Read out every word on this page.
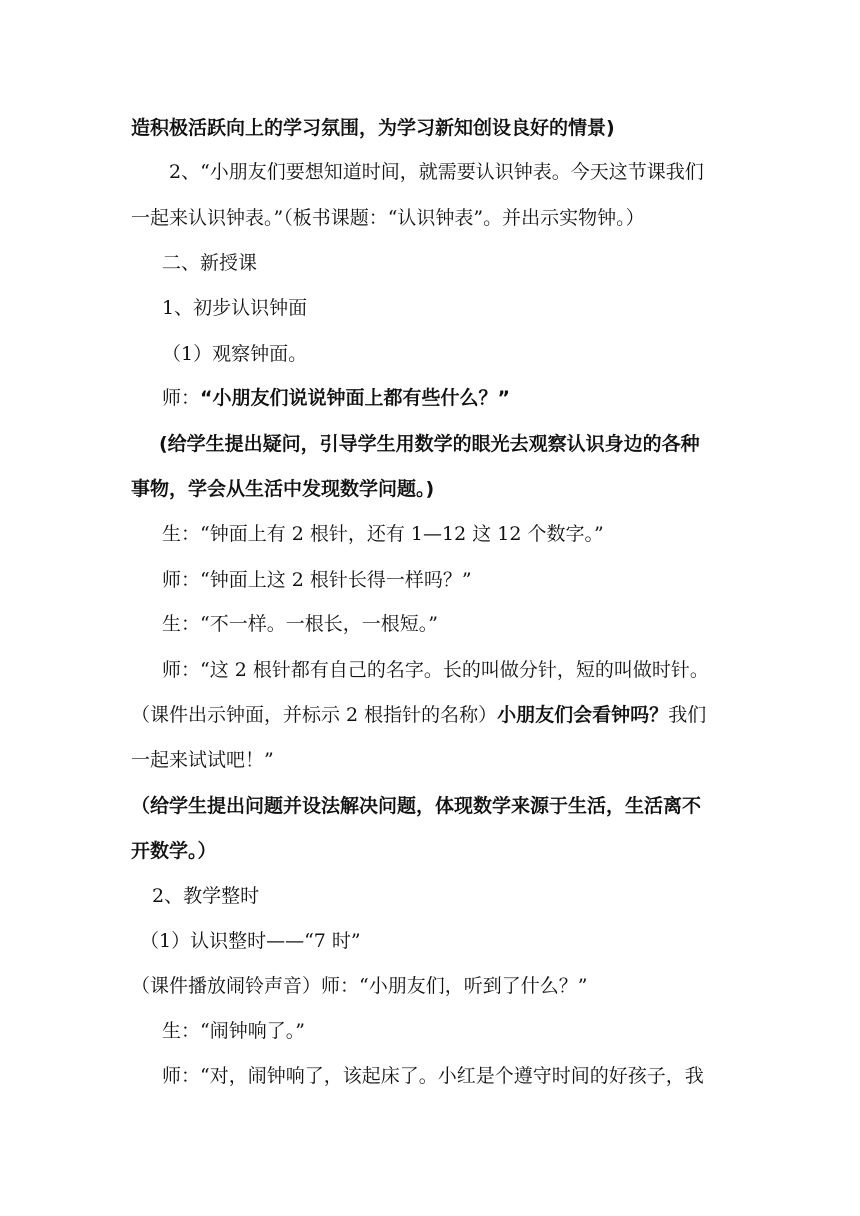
造积极活跃向上的学习氛围，为学习新知创设良好的情景)
2、“小朋友们要想知道时间，就需要认识钟表。今天这节课我们
一起来认识钟表。”（板书课题：“认识钟表”。并出示实物钟。）
二、新授课
1、初步认识钟面
（1）观察钟面。
师：“小朋友们说说钟面上都有些什么？”
(给学生提出疑问，引导学生用数学的眼光去观察认识身边的各种
事物，学会从生活中发现数学问题。)
生：“钟面上有 2 根针，还有 1—12 这 12 个数字。”
师：“钟面上这 2 根针长得一样吗？”
生：“不一样。一根长，一根短。”
师：“这 2 根针都有自己的名字。长的叫做分针，短的叫做时针。
（课件出示钟面，并标示 2 根指针的名称）小朋友们会看钟吗？我们
一起来试试吧！”
（给学生提出问题并设法解决问题，体现数学来源于生活，生活离不
开数学。）
2、教学整时
（1）认识整时——“7 时”
（课件播放闹铃声音）师：“小朋友们，听到了什么？”
生：“闹钟响了。”
师：“对，闹钟响了，该起床了。小红是个遵守时间的好孩子，我
